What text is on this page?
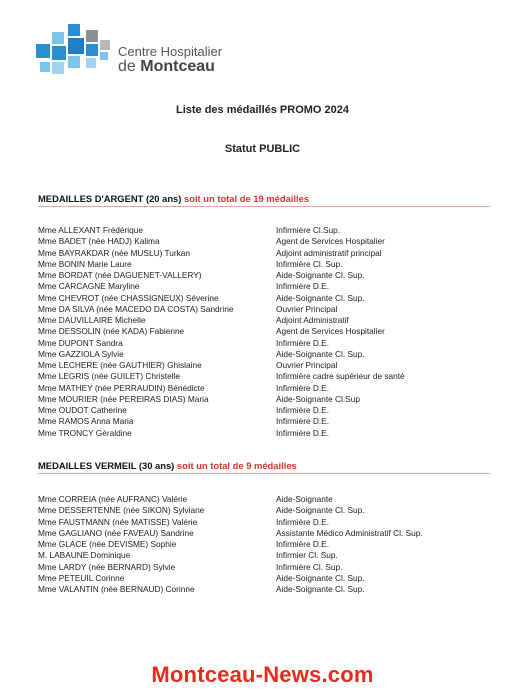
Centre Hospitalier
de Montceau
Liste des médaillés PROMO 2024
Statut PUBLIC
MEDAILLES D'ARGENT (20 ans) soit un total de 19 médailles
Mme ALLEXANT Frédérique	Infirmière Cl.Sup.
Mme BADET (née HADJ) Kalima	Agent de Services Hospitalier
Mme BAYRAKDAR (née MUSLU) Turkan	Adjoint administratif principal
Mme BONIN Marie Laure	Infirmière Cl. Sup.
Mme BORDAT (née DAGUENET-VALLERY)	Aide-Soignante Cl. Sup.
Mme CARCAGNE Maryline	Infirmière D.E.
Mme CHEVROT (née CHASSIGNEUX) Séverine	Aide-Soignante Cl. Sup.
Mme DA SILVA (née MACEDO DA COSTA) Sandrine	Ouvrier Principal
Mme DAUVILLAIRE Michelle	Adjoint Administratif
Mme DESSOLIN (née KADA) Fabienne	Agent de Services Hospitalier
Mme DUPONT Sandra	Infirmière D.E.
Mme GAZZIOLA Sylvie	Aide-Soignante Cl. Sup.
Mme LECHERE (née GAUTHIER) Ghislaine	Ouvrier Principal
Mme LEGRIS (née GUILET) Christelle	Infirmière cadre supérieur de santé
Mme MATHEY (née PERRAUDIN) Bénédicte	Infirmière D.E.
Mme MOURIER (née PEREIRAS DIAS) Maria	Aide-Soignante Cl.Sup
Mme OUDOT Catherine	Infirmière D.E.
Mme RAMOS Anna Maria	Infirmière D.E.
Mme TRONCY Géraldine	Infirmière D.E.
MEDAILLES VERMEIL (30 ans) soit un total de 9 médailles
Mme CORREIA (née AUFRANC) Valérie	Aide-Soignante
Mme DESSERTENNE (née SIKON) Sylviane	Aide-Soignante Cl. Sup.
Mme FAUSTMANN (née MATISSE) Valérie	Infirmière D.E.
Mme GAGLIANO (née FAVEAU) Sandrine	Assistante Médico Administratif Cl. Sup.
Mme GLACE (née DEVISME) Sophie	Infirmière D.E.
M. LABAUNE Dominique	Infirmier Cl. Sup.
Mme LARDY (née BERNARD) Sylvie	Infirmière Cl. Sup.
Mme PETEUIL Corinne	Aide-Soignante Cl. Sup.
Mme VALANTIN (née BERNAUD) Corinne	Aide-Soignante Cl. Sup.
Montceau-News.com
